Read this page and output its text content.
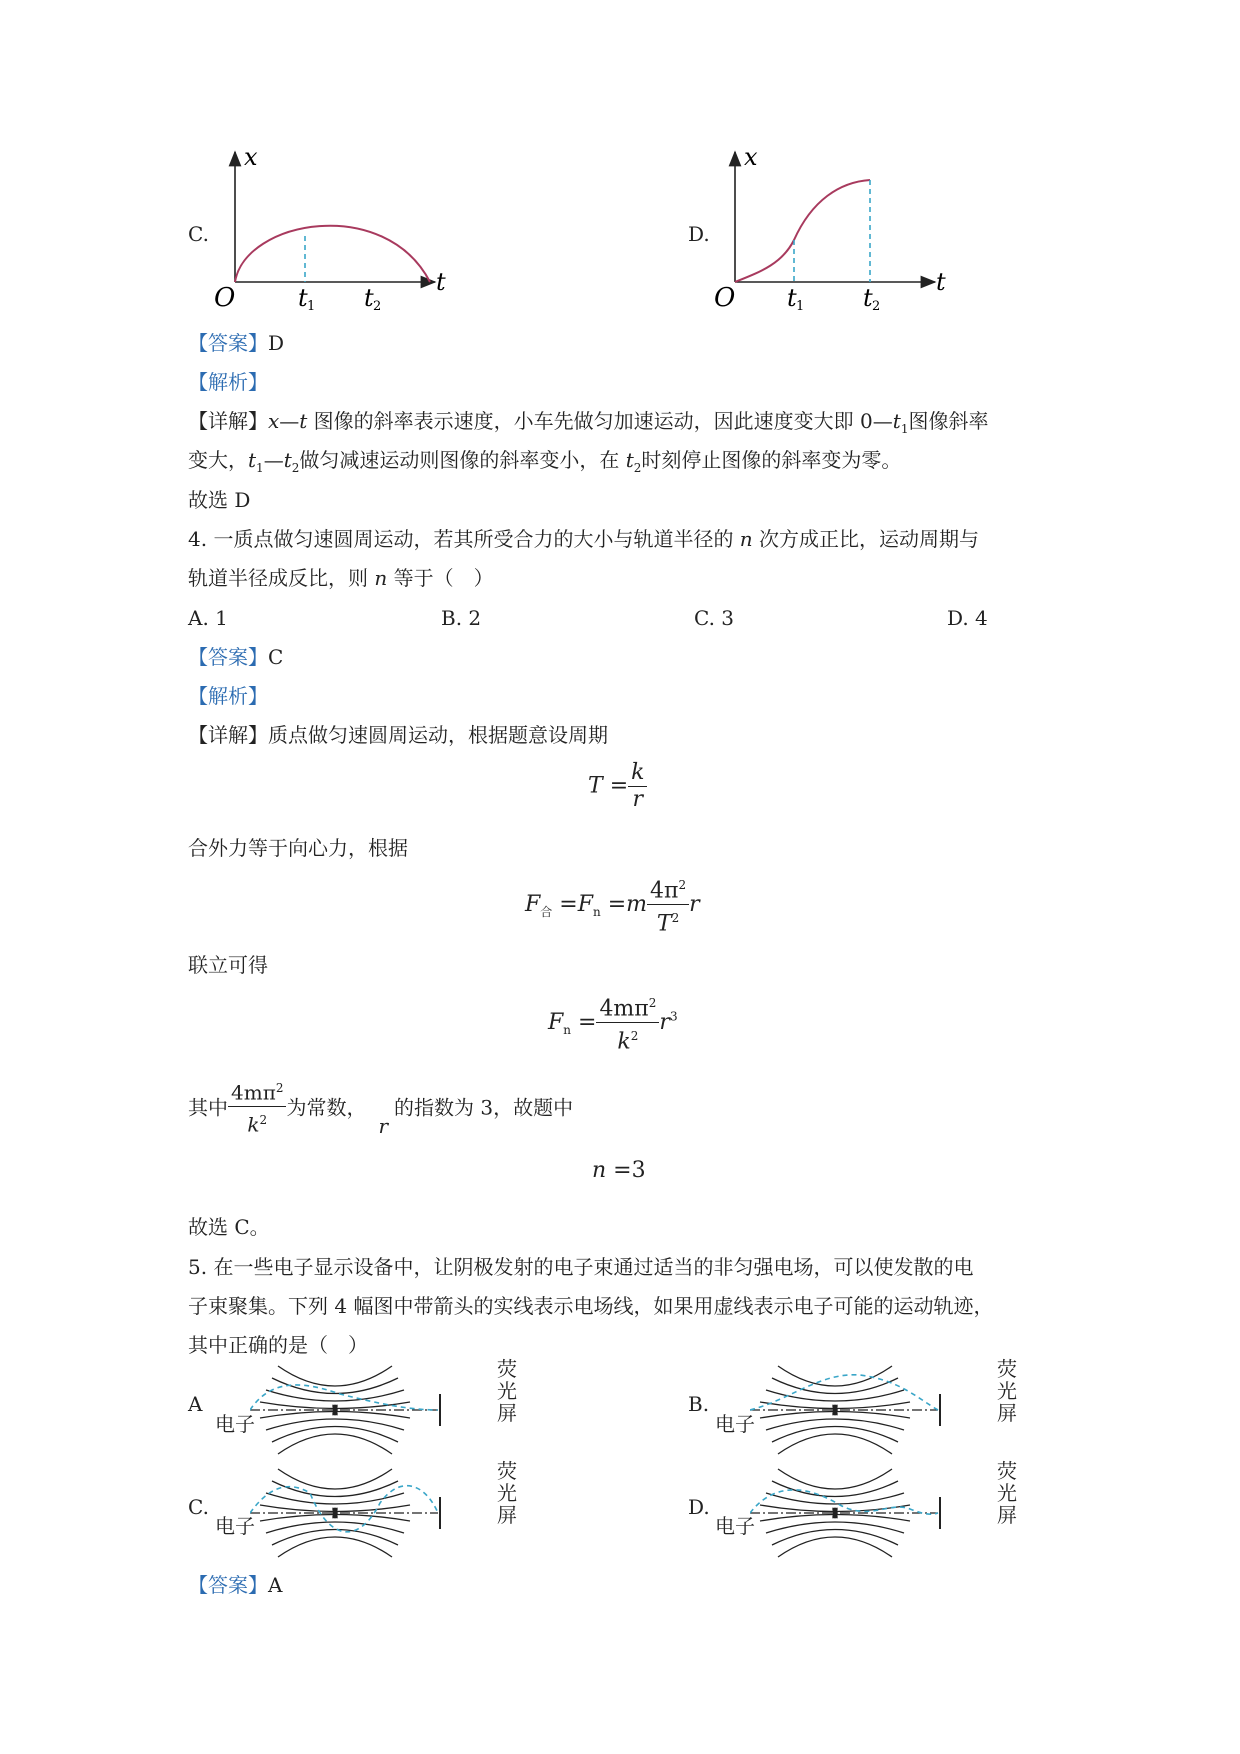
C.
x
t
O	t 1 t 2
D.
x
t
O t 1 t 2
【答案】D
【解析】
【详解】x—t 图像的斜率表示速度，小车先做匀加速运动，因此速度变大即 $0—t_1$图像斜率
变大，$t_1—t_2$做匀减速运动则图像的斜率变小，在 $t_2$时刻停止图像的斜率变为零。
故选 D
4. 一质点做匀速圆周运动，若其所受合力的大小与轨道半径的 n 次方成正比，运动周期与
轨道半径成反比，则 n 等于（　）
A. 1	B. 2	C. 3	D. 4
【答案】C
【解析】
【详解】质点做匀速圆周运动，根据题意设周期
$T = \frac{k}{r}$
合外力等于向心力，根据
$F_合 =F_n =m \frac{4\pi^2}{T^2}$ r
联立可得
$F_n = \frac{4m\pi^2}{k^2} r^3$
其中 $\frac{4m\pi^2}{k^2}$ 为常数，r的指数为 3，故题中
n =3
故选 C。
5. 在一些电子显示设备中，让阴极发射的电子束通过适当的非匀强电场，可以使发散的电
子束聚集。下列 4 幅图中带箭头的实线表示电场线，如果用虚线表示电子可能的运动轨迹，
其中正确的是（　）
A
电子
荧
光
屏	B.
电子
荧
光
屏
C.
电子
荧
光
屏	D.
电子
荧
光
屏
【答案】A
